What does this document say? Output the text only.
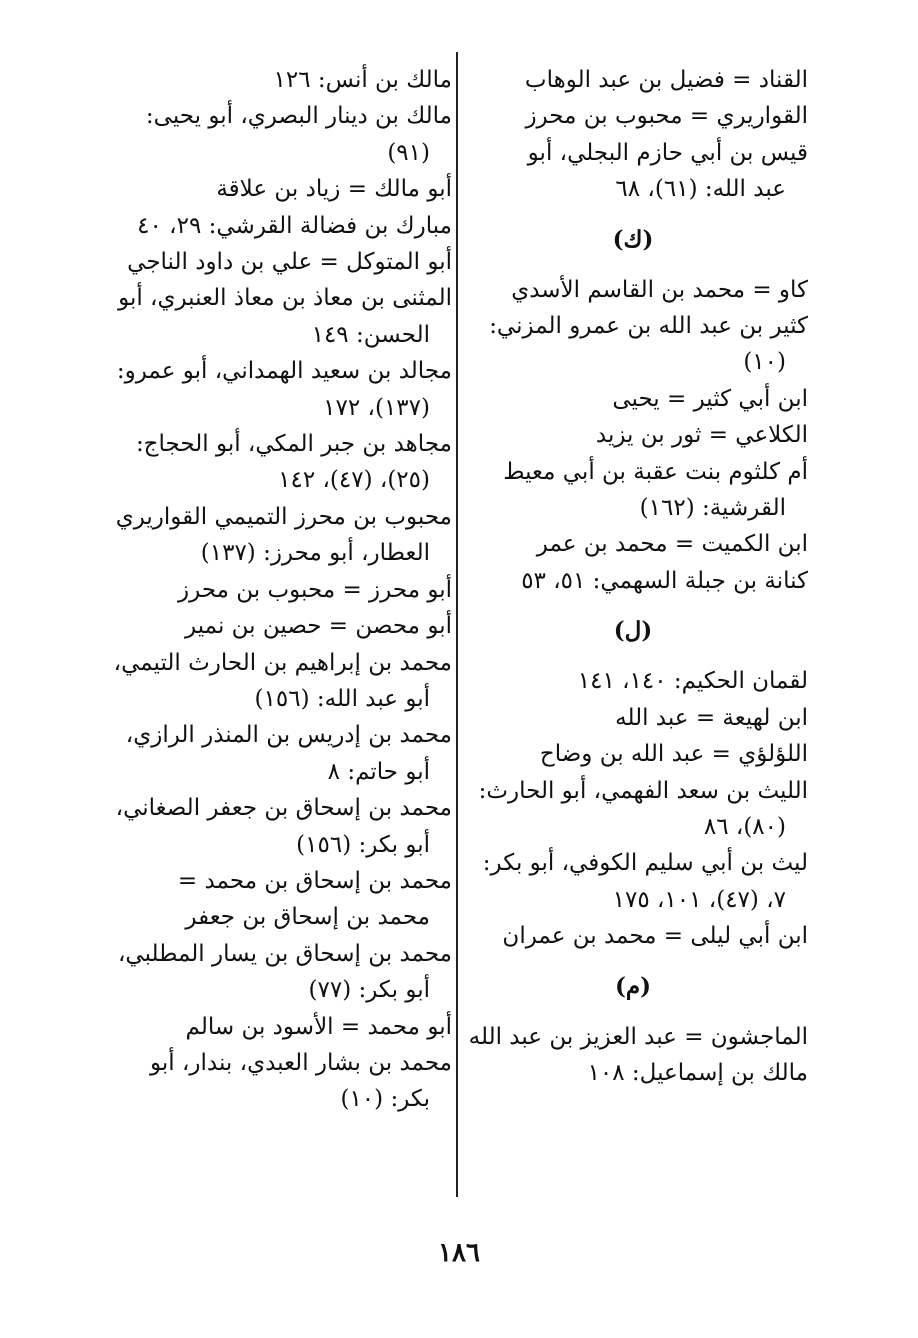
القناد = فضيل بن عبد الوهاب
القواريري = محبوب بن محرز
قيس بن أبي حازم البجلي، أبو
عبد الله: (٦١)، ٦٨
(ك)
كاو = محمد بن القاسم الأسدي
كثير بن عبد الله بن عمرو المزني:
(١٠)
ابن أبي كثير = يحيى
الكلاعي = ثور بن يزيد
أم كلثوم بنت عقبة بن أبي معيط
القرشية: (١٦٢)
ابن الكميت = محمد بن عمر
كنانة بن جبلة السهمي: ٥١، ٥٣
(ل)
لقمان الحكيم: ١٤٠، ١٤١
ابن لهيعة = عبد الله
اللؤلؤي = عبد الله بن وضاح
الليث بن سعد الفهمي، أبو الحارث:
(٨٠)، ٨٦
ليث بن أبي سليم الكوفي، أبو بكر:
٧، (٤٧)، ١٠١، ١٧٥
ابن أبي ليلى = محمد بن عمران
(م)
الماجشون = عبد العزيز بن عبد الله
مالك بن إسماعيل: ١٠٨
مالك بن أنس: ١٢٦
مالك بن دينار البصري، أبو يحيى:
(٩١)
أبو مالك = زياد بن علاقة
مبارك بن فضالة القرشي: ٢٩، ٤٠
أبو المتوكل = علي بن داود الناجي
المثنى بن معاذ بن معاذ العنبري، أبو
الحسن: ١٤٩
مجالد بن سعيد الهمداني، أبو عمرو:
(١٣٧)، ١٧٢
مجاهد بن جبر المكي، أبو الحجاج:
(٢٥)، (٤٧)، ١٤٢
محبوب بن محرز التميمي القواريري
العطار، أبو محرز: (١٣٧)
أبو محرز = محبوب بن محرز
أبو محصن = حصين بن نمير
محمد بن إبراهيم بن الحارث التيمي،
أبو عبد الله: (١٥٦)
محمد بن إدريس بن المنذر الرازي،
أبو حاتم: ٨
محمد بن إسحاق بن جعفر الصغاني،
أبو بكر: (١٥٦)
محمد بن إسحاق بن محمد =
محمد بن إسحاق بن جعفر
محمد بن إسحاق بن يسار المطلبي،
أبو بكر: (٧٧)
أبو محمد = الأسود بن سالم
محمد بن بشار العبدي، بندار، أبو
بكر: (١٠)
١٨٦
